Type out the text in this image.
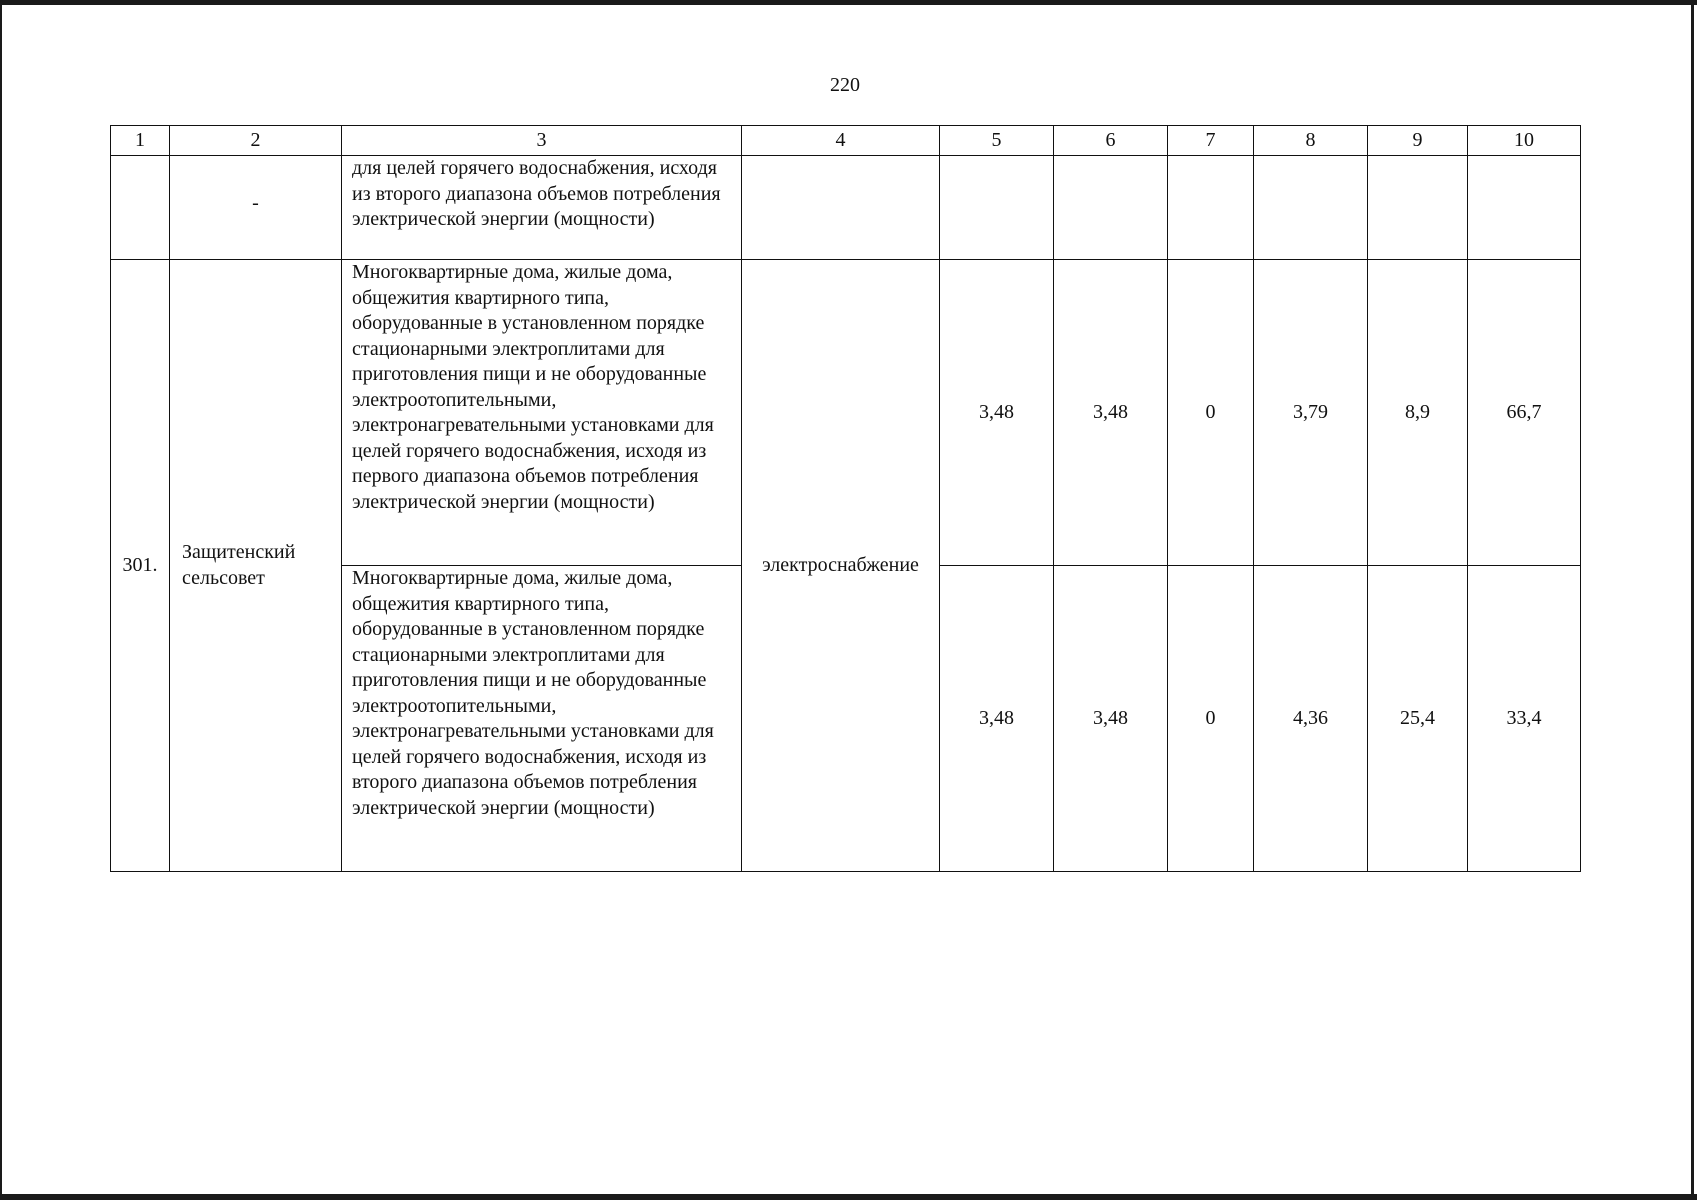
220
1	2	3	4	5	6	7	8	9	10
	-	для целей горячего водоснабжения, исходя из второго диапазона объемов потребления электрической энергии (мощности)							
301.	Защитенский сельсовет	Многоквартирные дома, жилые дома, общежития квартирного типа, оборудованные в установленном порядке стационарными электроплитами для приготовления пищи и не оборудованные электроотопительными, электронагревательными установками для целей горячего водоснабжения, исходя из первого диапазона объемов потребления электрической энергии (мощности)	электроснабжение	3,48	3,48	0	3,79	8,9	66,7
		Многоквартирные дома, жилые дома, общежития квартирного типа, оборудованные в установленном порядке стационарными электроплитами для приготовления пищи и не оборудованные электроотопительными, электронагревательными установками для целей горячего водоснабжения, исходя из второго диапазона объемов потребления электрической энергии (мощности)		3,48	3,48	0	4,36	25,4	33,4
